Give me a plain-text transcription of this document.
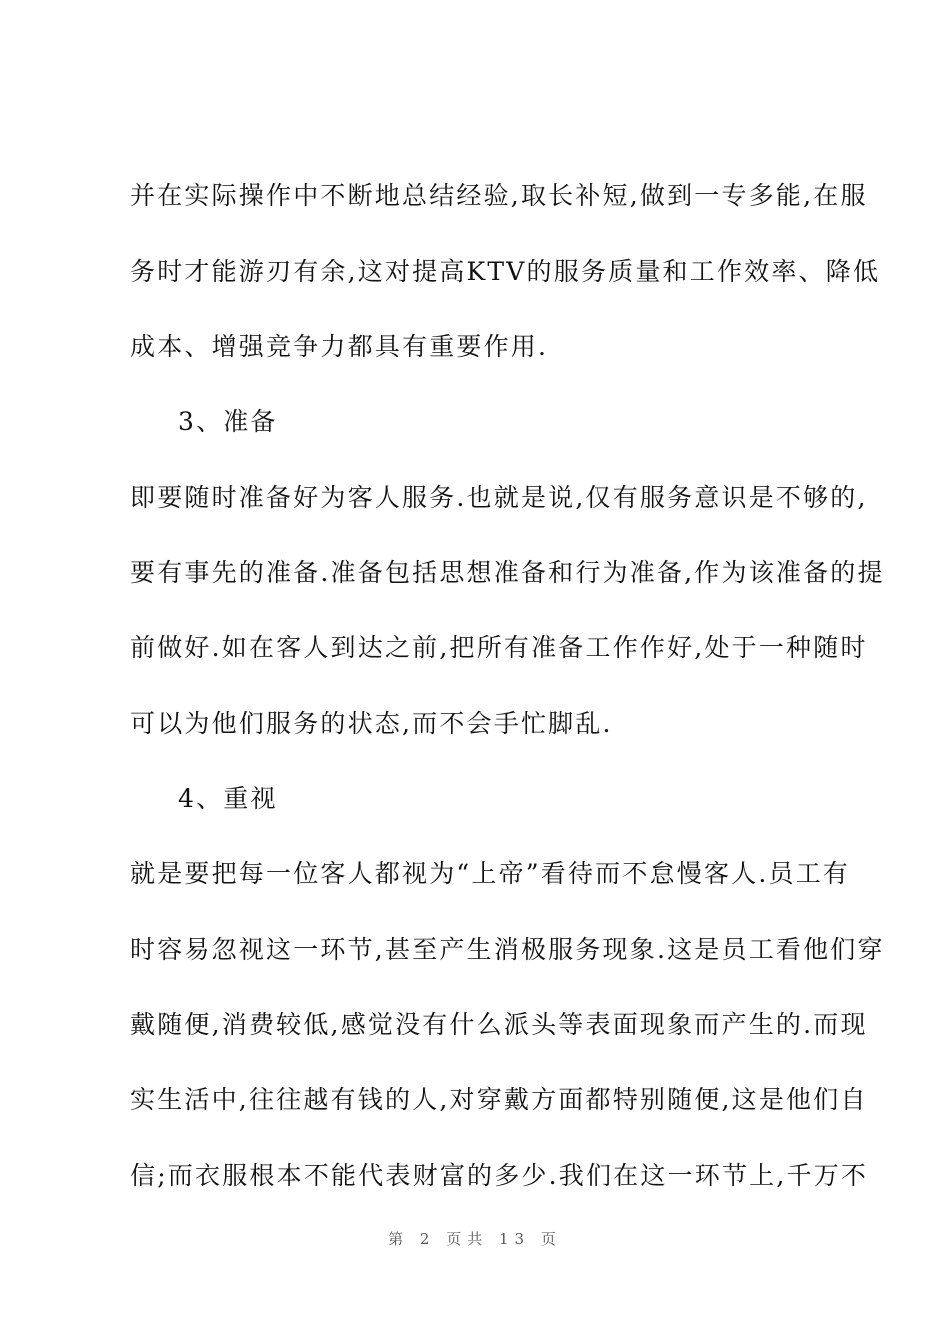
并在实际操作中不断地总结经验,取长补短,做到一专多能,在服
务时才能游刃有余,这对提高KTV的服务质量和工作效率、降低
成本、增强竞争力都具有重要作用.
3、准备
即要随时准备好为客人服务.也就是说,仅有服务意识是不够的,
要有事先的准备.准备包括思想准备和行为准备,作为该准备的提
前做好.如在客人到达之前,把所有准备工作作好,处于一种随时
可以为他们服务的状态,而不会手忙脚乱.
4、重视
就是要把每一位客人都视为“上帝”看待而不怠慢客人.员工有
时容易忽视这一环节,甚至产生消极服务现象.这是员工看他们穿
戴随便,消费较低,感觉没有什么派头等表面现象而产生的.而现
实生活中,往往越有钱的人,对穿戴方面都特别随便,这是他们自
信;而衣服根本不能代表财富的多少.我们在这一环节上,千万不
第 2 页共 13 页
